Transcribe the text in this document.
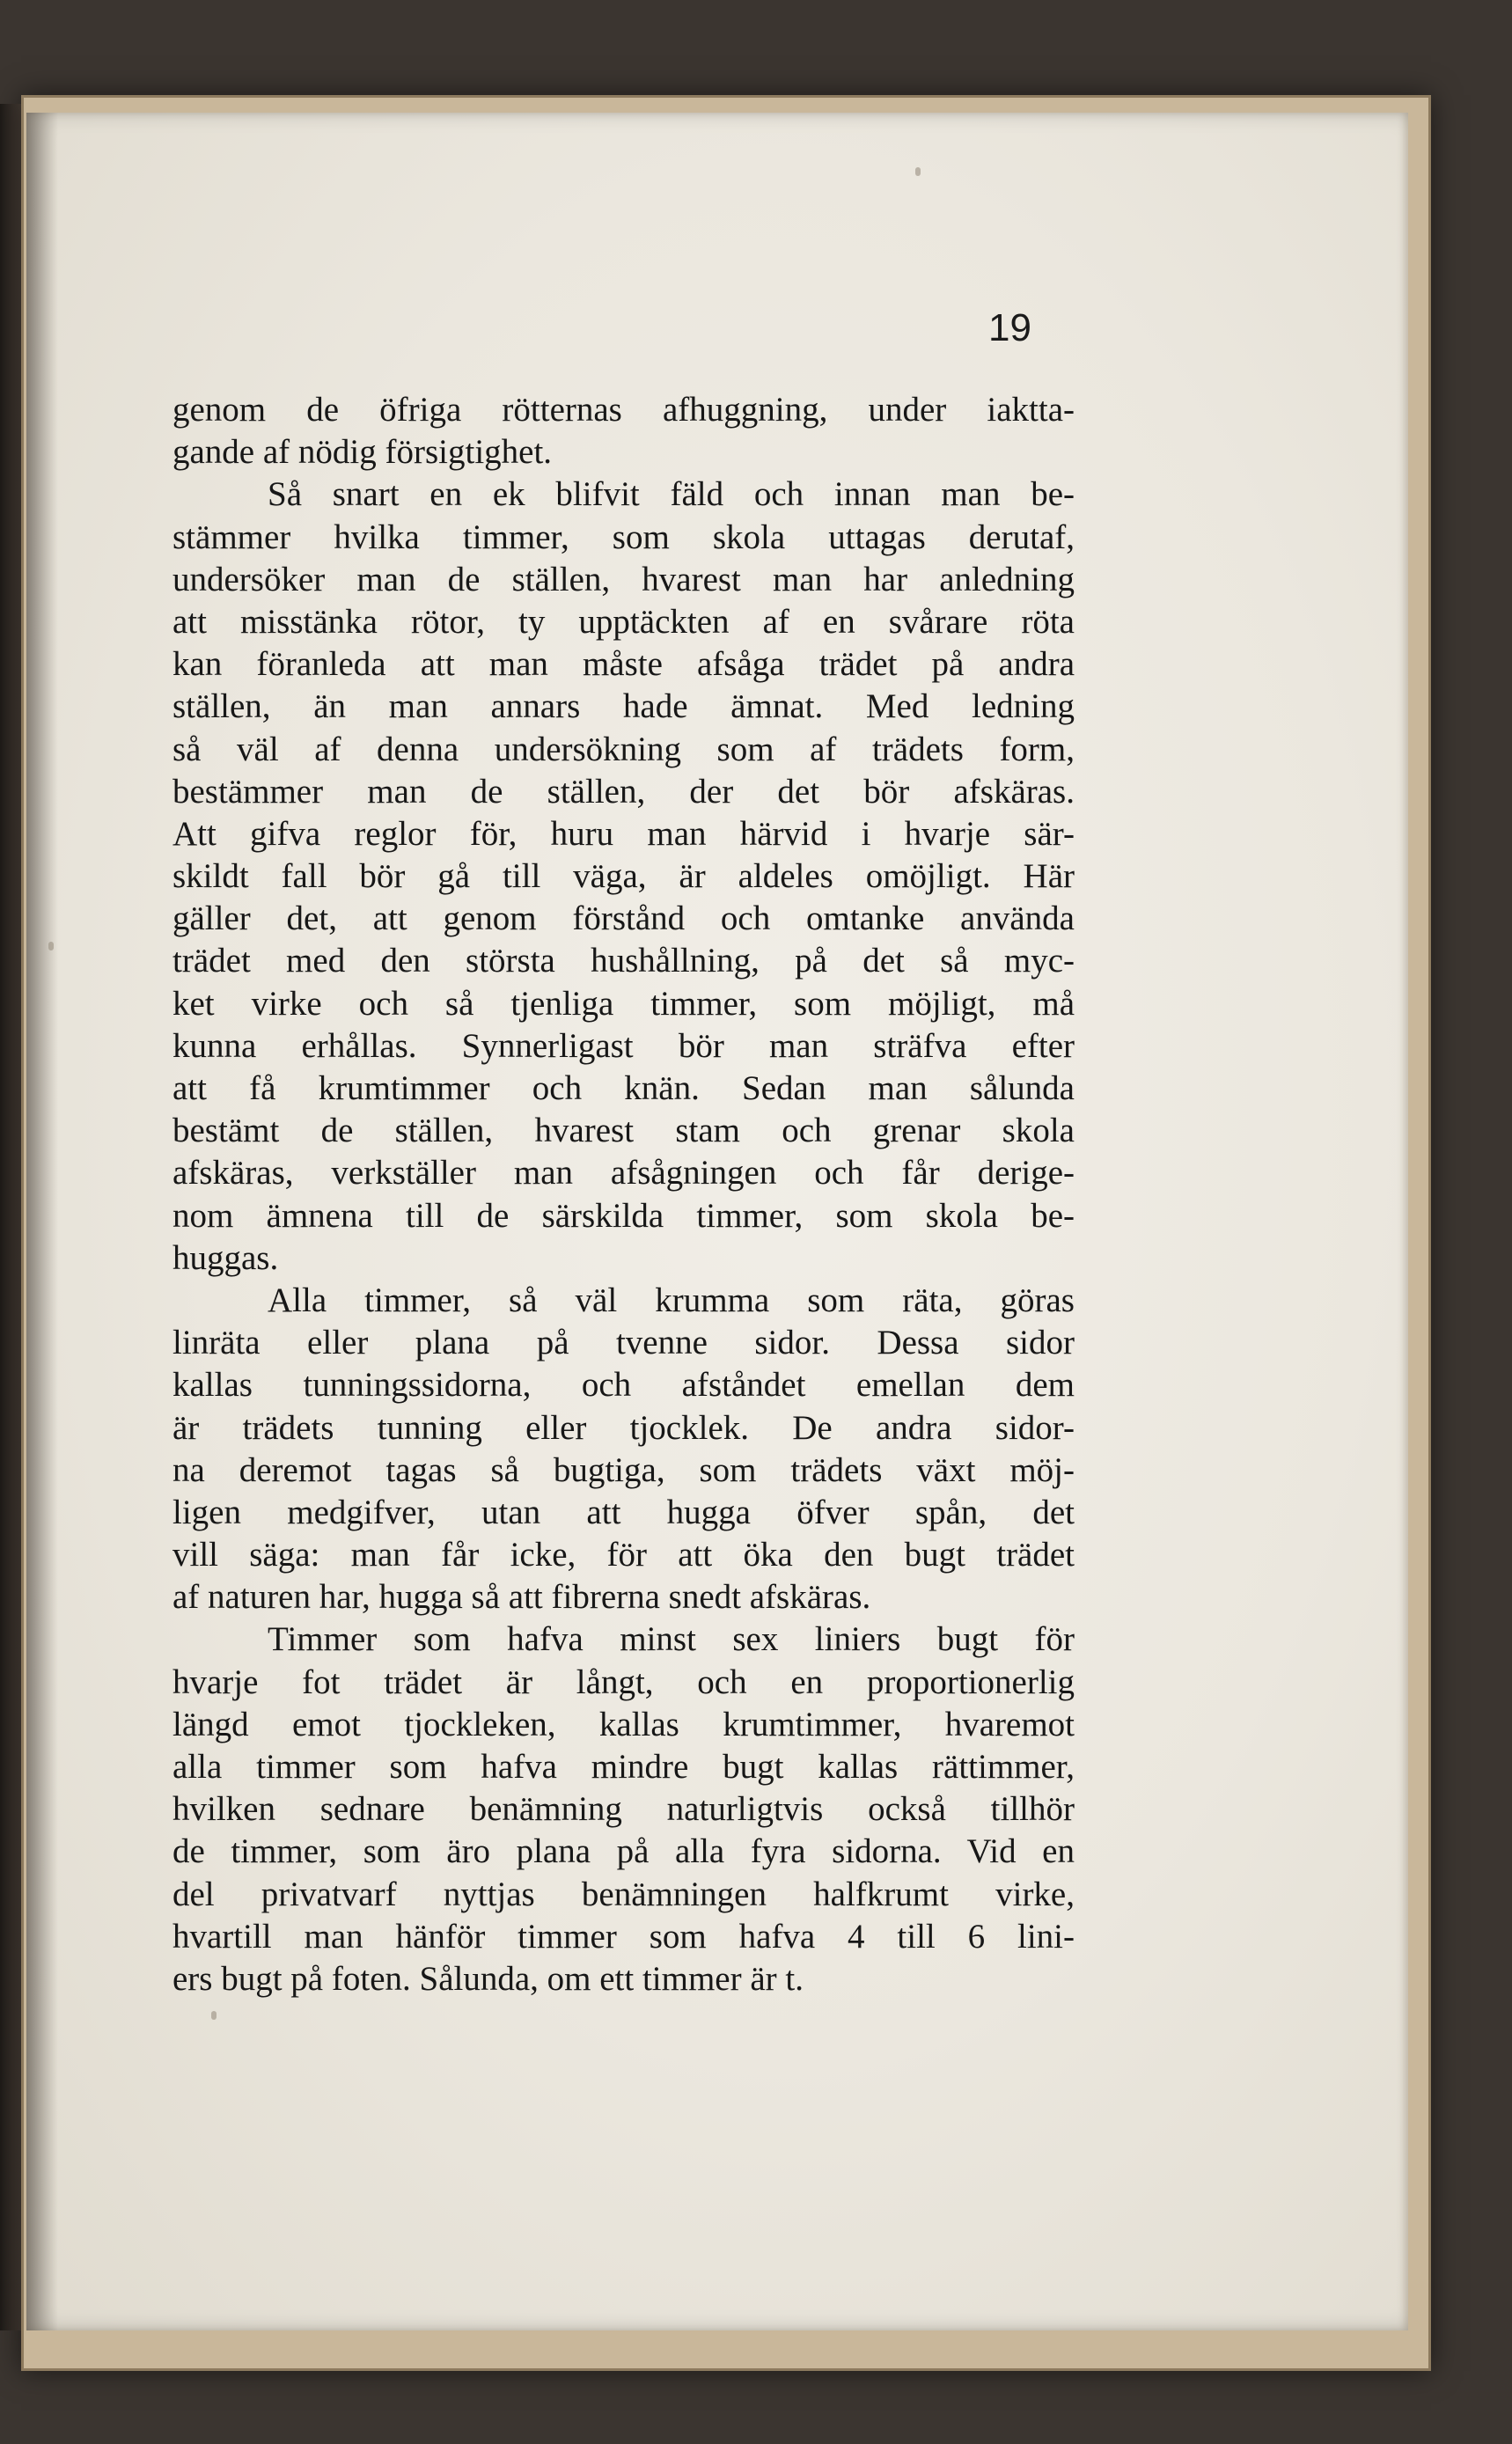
19
genom de öfriga rötternas afhuggning, under iaktta-
gande af nödig försigtighet.
Så snart en ek blifvit fäld och innan man be-
stämmer hvilka timmer, som skola uttagas derutaf,
undersöker man de ställen, hvarest man har anledning
att misstänka rötor, ty upptäckten af en svårare röta
kan föranleda att man måste afsåga trädet på andra
ställen, än man annars hade ämnat. Med ledning
så väl af denna undersökning som af trädets form,
bestämmer man de ställen, der det bör afskäras.
Att gifva reglor för, huru man härvid i hvarje sär-
skildt fall bör gå till väga, är aldeles omöjligt. Här
gäller det, att genom förstånd och omtanke använda
trädet med den största hushållning, på det så myc-
ket virke och så tjenliga timmer, som möjligt, må
kunna erhållas. Synnerligast bör man sträfva efter
att få krumtimmer och knän. Sedan man sålunda
bestämt de ställen, hvarest stam och grenar skola
afskäras, verkställer man afsågningen och får derige-
nom ämnena till de särskilda timmer, som skola be-
huggas.
Alla timmer, så väl krumma som räta, göras
linräta eller plana på tvenne sidor. Dessa sidor
kallas tunningssidorna, och afståndet emellan dem
är trädets tunning eller tjocklek. De andra sidor-
na deremot tagas så bugtiga, som trädets växt möj-
ligen medgifver, utan att hugga öfver spån, det
vill säga: man får icke, för att öka den bugt trädet
af naturen har, hugga så att fibrerna snedt afskäras.
Timmer som hafva minst sex liniers bugt för
hvarje fot trädet är långt, och en proportionerlig
längd emot tjockleken, kallas krumtimmer, hvaremot
alla timmer som hafva mindre bugt kallas rättimmer,
hvilken sednare benämning naturligtvis också tillhör
de timmer, som äro plana på alla fyra sidorna. Vid en
del privatvarf nyttjas benämningen halfkrumt virke,
hvartill man hänför timmer som hafva 4 till 6 lini-
ers bugt på foten. Sålunda, om ett timmer är t.
